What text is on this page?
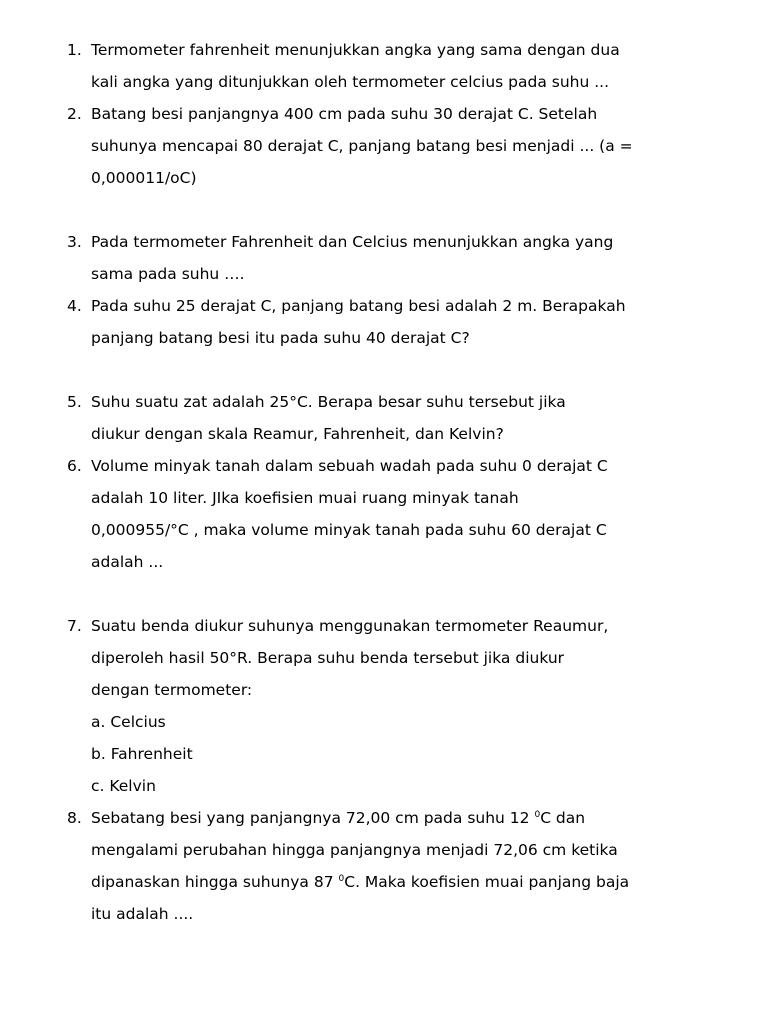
1. Termometer fahrenheit menunjukkan angka yang sama dengan dua
kali angka yang ditunjukkan oleh termometer celcius pada suhu ...
2. Batang besi panjangnya 400 cm pada suhu 30 derajat C. Setelah
suhunya mencapai 80 derajat C, panjang batang besi menjadi ... (a =
0,000011/oC)
3. Pada termometer Fahrenheit dan Celcius menunjukkan angka yang
sama pada suhu ….
4. Pada suhu 25 derajat C, panjang batang besi adalah 2 m. Berapakah
panjang batang besi itu pada suhu 40 derajat C?
5. Suhu suatu zat adalah 25°C. Berapa besar suhu tersebut jika
diukur dengan skala Reamur, Fahrenheit, dan Kelvin?
6. Volume minyak tanah dalam sebuah wadah pada suhu 0 derajat C
adalah 10 liter. JIka koefisien muai ruang minyak tanah
0,000955/°C , maka volume minyak tanah pada suhu 60 derajat C
adalah ...
7. Suatu benda diukur suhunya menggunakan termometer Reaumur,
diperoleh hasil 50°R. Berapa suhu benda tersebut jika diukur
dengan termometer:
a. Celcius
b. Fahrenheit
c. Kelvin
8. Sebatang besi yang panjangnya 72,00 cm pada suhu 12 $^0$C dan
mengalami perubahan hingga panjangnya menjadi 72,06 cm ketika
dipanaskan hingga suhunya 87 $^0$C. Maka koefisien muai panjang baja
itu adalah ....
